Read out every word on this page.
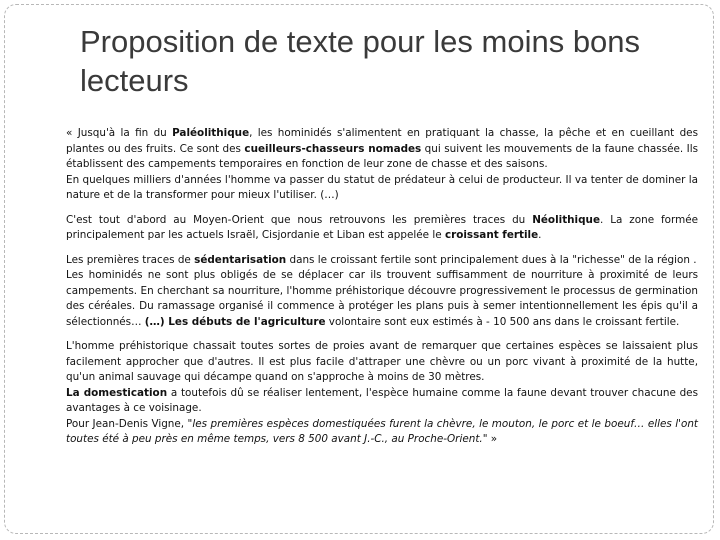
Proposition de texte pour les moins bons lecteurs

« Jusqu'à la fin du Paléolithique, les hominidés s'alimentent en pratiquant la chasse, la pêche et en cueillant des plantes ou des fruits. Ce sont des cueilleurs-chasseurs nomades qui suivent les mouvements de la faune chassée. Ils établissent des campements temporaires en fonction de leur zone de chasse et des saisons.
En quelques milliers d'années l'homme va passer du statut de prédateur à celui de producteur. Il va tenter de dominer la nature et de la transformer pour mieux l'utiliser. (…)

C'est tout d'abord au Moyen-Orient que nous retrouvons les premières traces du Néolithique. La zone formée principalement par les actuels Israël, Cisjordanie et Liban est appelée le croissant fertile.

Les premières traces de sédentarisation dans le croissant fertile sont principalement dues à la "richesse" de la région .
Les hominidés ne sont plus obligés de se déplacer car ils trouvent suffisamment de nourriture à proximité de leurs campements. En cherchant sa nourriture, l'homme préhistorique découvre progressivement le processus de germination des céréales. Du ramassage organisé il commence à protéger les plans puis à semer intentionnellement les épis qu'il a sélectionnés… (…) Les débuts de l'agriculture volontaire sont eux estimés à - 10 500 ans dans le croissant fertile.

L'homme préhistorique chassait toutes sortes de proies avant de remarquer que certaines espèces se laissaient plus facilement approcher que d'autres. Il est plus facile d'attraper une chèvre ou un porc vivant à proximité de la hutte, qu'un animal sauvage qui décampe quand on s'approche à moins de 30 mètres.
La domestication a toutefois dû se réaliser lentement, l'espèce humaine comme la faune devant trouver chacune des avantages à ce voisinage.
Pour Jean-Denis Vigne, "les premières espèces domestiquées furent la chèvre, le mouton, le porc et le boeuf… elles l'ont toutes été à peu près en même temps, vers 8 500 avant J.-C., au Proche-Orient." »
